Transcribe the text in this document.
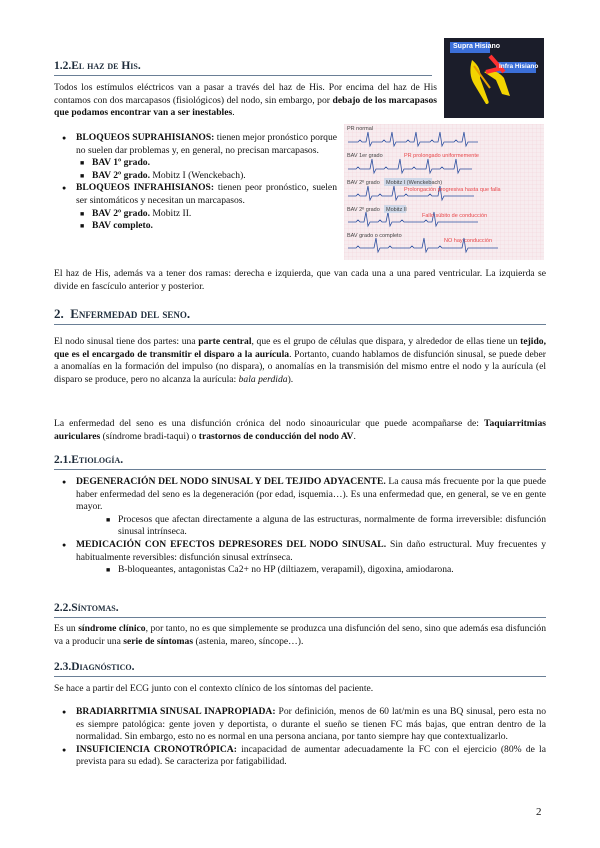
1.2.El haz de His.

Todos los estímulos eléctricos van a pasar a través del haz de His. Por encima del haz de His contamos con dos marcapasos (fisiológicos) del nodo, sin embargo, por debajo de los marcapasos que podamos encontrar van a ser inestables.

Supra Hisiano
Infra Hisiano
● BLOQUEOS SUPRAHISIANOS: tienen mejor pronóstico porque no suelen dar problemas y, en general, no precisan marcapasos.
■ BAV 1º grado.
■ BAV 2º grado. Mobitz I (Wenckebach).
● BLOQUEOS INFRAHISIANOS: tienen peor pronóstico, suelen ser sintomáticos y necesitan un marcapasos.
■ BAV 2º grado. Mobitz II.
■ BAV completo.
PR normal
BAV 1er grado	PR prolongado uniformemente
BAV 2º grado Mobitz I (Wenckebach)
Prolongación progresiva hasta que falla
BAV 2º grado Mobitz II
Fallo súbito de conducción
BAV grado o completo
NO hay conducción

El haz de His, además va a tener dos ramas: derecha e izquierda, que van cada una a una pared ventricular. La izquierda se divide en fascículo anterior y posterior.

2. Enfermedad del seno.

El nodo sinusal tiene dos partes: una parte central, que es el grupo de células que dispara, y alrededor de ellas tiene un tejido, que es el encargado de transmitir el disparo a la aurícula. Portanto, cuando hablamos de disfunción sinusal, se puede deber a anomalías en la formación del impulso (no dispara), o anomalías en la transmisión del mismo entre el nodo y la aurícula (el disparo se produce, pero no alcanza la aurícula: bala perdida).

La enfermedad del seno es una disfunción crónica del nodo sinoauricular que puede acompañarse de: Taquiarritmias auriculares (síndrome bradi-taqui) o trastornos de conducción del nodo AV.

2.1.Etiología.
● DEGENERACIÓN DEL NODO SINUSAL Y DEL TEJIDO ADYACENTE. La causa más frecuente por la que puede haber enfermedad del seno es la degeneración (por edad, isquemia…). Es una enfermedad que, en general, se ve en gente mayor.
■ Procesos que afectan directamente a alguna de las estructuras, normalmente de forma irreversible: disfunción sinusal intrínseca.
● MEDICACIÓN CON EFECTOS DEPRESORES DEL NODO SINUSAL. Sin daño estructural. Muy frecuentes y habitualmente reversibles: disfunción sinusal extrínseca.
■ B-bloqueantes, antagonistas Ca2+ no HP (diltiazem, verapamil), digoxina, amiodarona.
2.2.Síntomas.

Es un síndrome clínico, por tanto, no es que simplemente se produzca una disfunción del seno, sino que además esa disfunción va a producir una serie de síntomas (astenia, mareo, síncope…).

2.3.Diagnóstico.

Se hace a partir del ECG junto con el contexto clínico de los síntomas del paciente.

● BRADIARRITMIA SINUSAL INAPROPIADA: Por definición, menos de 60 lat/min es una BQ sinusal, pero esta no es siempre patológica: gente joven y deportista, o durante el sueño se tienen FC más bajas, que entran dentro de la normalidad. Sin embargo, esto no es normal en una persona anciana, por tanto siempre hay que contextualizarlo.
● INSUFICIENCIA CRONOTRÓPICA: incapacidad de aumentar adecuadamente la FC con el ejercicio (80% de la prevista para su edad). Se caracteriza por fatigabilidad.
2
